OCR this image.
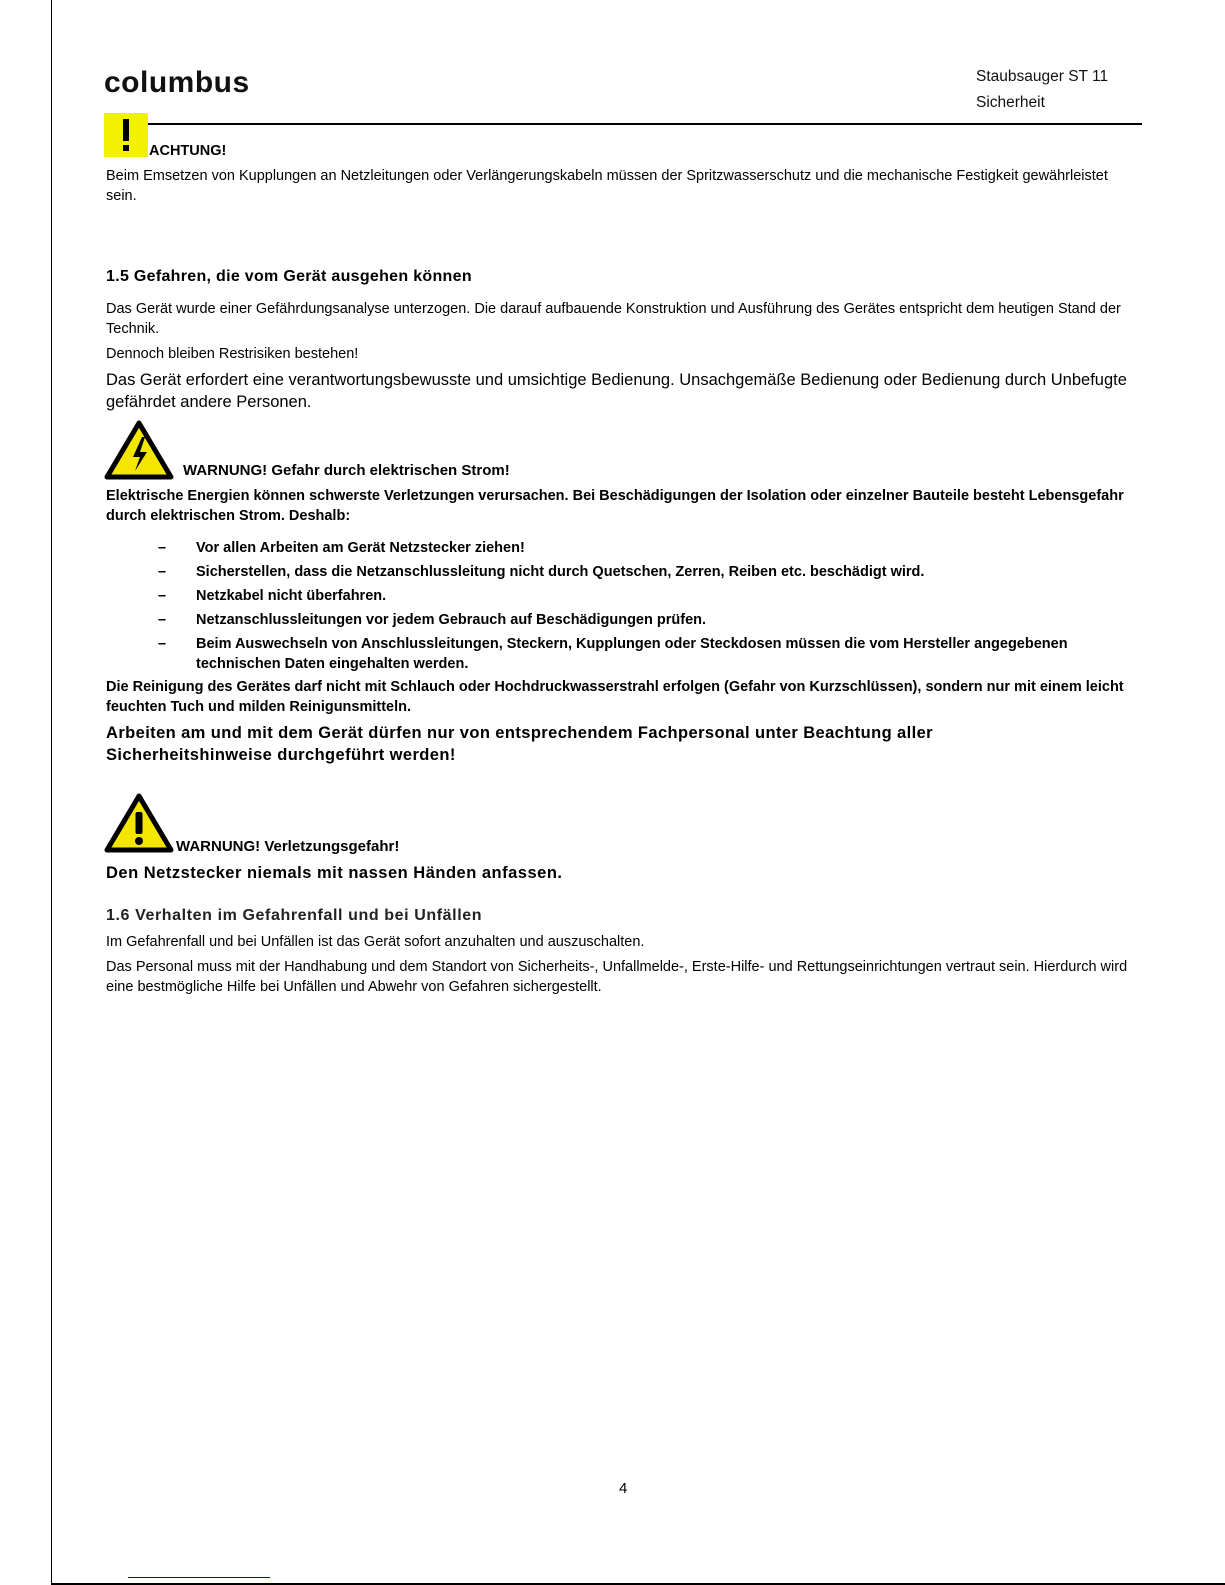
columbus	Staubsauger ST 11
Sicherheit
ACHTUNG!
Beim Emsetzen von Kupplungen an Netzleitungen oder Verlängerungskabeln müssen der Spritzwasserschutz und die mechanische Festigkeit gewährleistet sein.
1.5 Gefahren, die vom Gerät ausgehen können
Das Gerät wurde einer Gefährdungsanalyse unterzogen. Die darauf aufbauende Konstruktion und Ausführung des Gerätes entspricht dem heutigen Stand der Technik.
Dennoch bleiben Restrisiken bestehen!
Das Gerät erfordert eine verantwortungsbewusste und umsichtige Bedienung. Unsachgemäße Bedienung oder Bedienung durch Unbefugte gefährdet andere Personen.
WARNUNG! Gefahr durch elektrischen Strom!
Elektrische Energien können schwerste Verletzungen verursachen. Bei Beschädigungen der Isolation oder einzelner Bauteile besteht Lebensgefahr durch elektrischen Strom. Deshalb:
– Vor allen Arbeiten am Gerät Netzstecker ziehen!
– Sicherstellen, dass die Netzanschlussleitung nicht durch Quetschen, Zerren, Reiben etc. beschädigt wird.
– Netzkabel nicht überfahren.
– Netzanschlussleitungen vor jedem Gebrauch auf Beschädigungen prüfen.
– Beim Auswechseln von Anschlussleitungen, Steckern, Kupplungen oder Steckdosen müssen die vom Hersteller angegebenen technischen Daten eingehalten werden.
Die Reinigung des Gerätes darf nicht mit Schlauch oder Hochdruckwasserstrahl erfolgen (Gefahr von Kurzschlüssen), sondern nur mit einem leicht feuchten Tuch und milden Reinigunsmitteln.
Arbeiten am und mit dem Gerät dürfen nur von entsprechendem Fachpersonal unter Beachtung aller Sicherheitshinweise durchgeführt werden!
WARNUNG! Verletzungsgefahr!
Den Netzstecker niemals mit nassen Händen anfassen.
1.6 Verhalten im Gefahrenfall und bei Unfällen
Im Gefahrenfall und bei Unfällen ist das Gerät sofort anzuhalten und auszuschalten.
Das Personal muss mit der Handhabung und dem Standort von Sicherheits-, Unfallmelde-, Erste-Hilfe- und Rettungseinrichtungen vertraut sein. Hierdurch wird eine bestmögliche Hilfe bei Unfällen und Abwehr von Gefahren sichergestellt.
4
